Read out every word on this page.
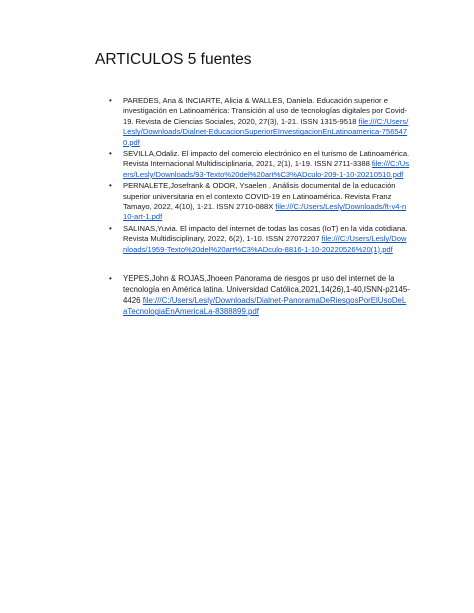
ARTICULOS 5 fuentes
• PAREDES, Ana & INCIARTE, Alicia & WALLES, Daniela. Educación superior e investigación en Latinoamérica: Transición al uso de tecnologías digitales por Covid-19. Revista de Ciencias Sociales, 2020, 27(3), 1-21. ISSN 1315-9518 file:///C:/Users/Lesly/Downloads/Dialnet-EducacionSuperiorEInvestigacionEnLatinoamerica-7565470.pdf
• SEVILLA,Odaliz. El impacto del comercio electrónico en el turismo de Latinoamérica. Revista Internacional Multidisciplinaria, 2021, 2(1), 1-19. ISSN 2711-3388 file:///C:/Users/Lesly/Downloads/93-Texto%20del%20art%C3%ADculo-209-1-10-20210510.pdf
• PERNALETE,Josefrank & ODOR, Ysaelen . Análisis documental de la educación superior universitaria en el contexto COVID-19 en Latinoamérica. Revista Franz Tamayo, 2022, 4(10), 1-21. ISSN 2710-088X file:///C:/Users/Lesly/Downloads/ft-v4-n10-art-1.pdf
• SALINAS,Yuvia. El impacto del internet de todas las cosas (IoT) en la vida cotidiana. Revista Multidisciplinary, 2022, 6(2), 1-10. ISSN 27072207 file:///C:/Users/Lesly/Downloads/1959-Texto%20del%20art%C3%ADculo-8816-1-10-20220526%20(1).pdf
• YEPES,John & ROJAS,Jhoeen Panorama de riesgos pr uso del internet de la tecnología en América latina. Universidad Católica,2021,14(26),1-40,ISNN-p2145-4426 file:///C:/Users/Lesly/Downloads/Dialnet-PanoramaDeRiesgosPorElUsoDeLaTecnologiaEnAmericaLa-8388899.pdf
